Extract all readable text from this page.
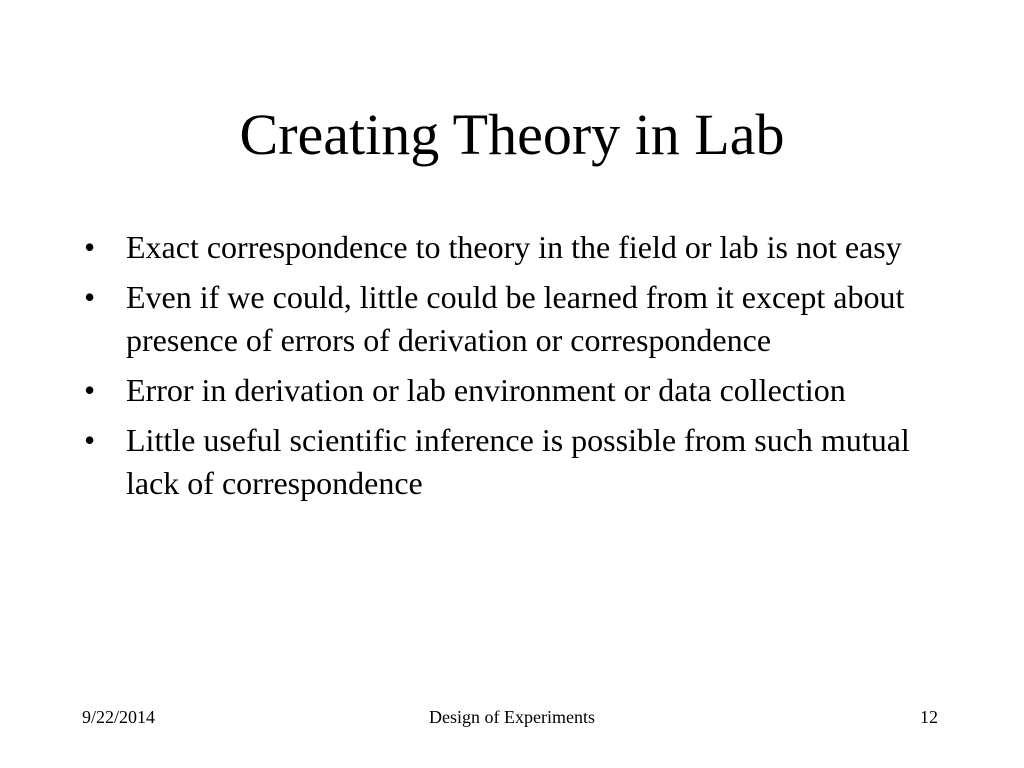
Creating Theory in Lab
• Exact correspondence to theory in the field or lab is not easy
• Even if we could, little could be learned from it except about presence of errors of derivation or correspondence
• Error in derivation or lab environment or data collection
• Little useful scientific inference is possible from such mutual lack of correspondence
9/22/2014	Design of Experiments	12
